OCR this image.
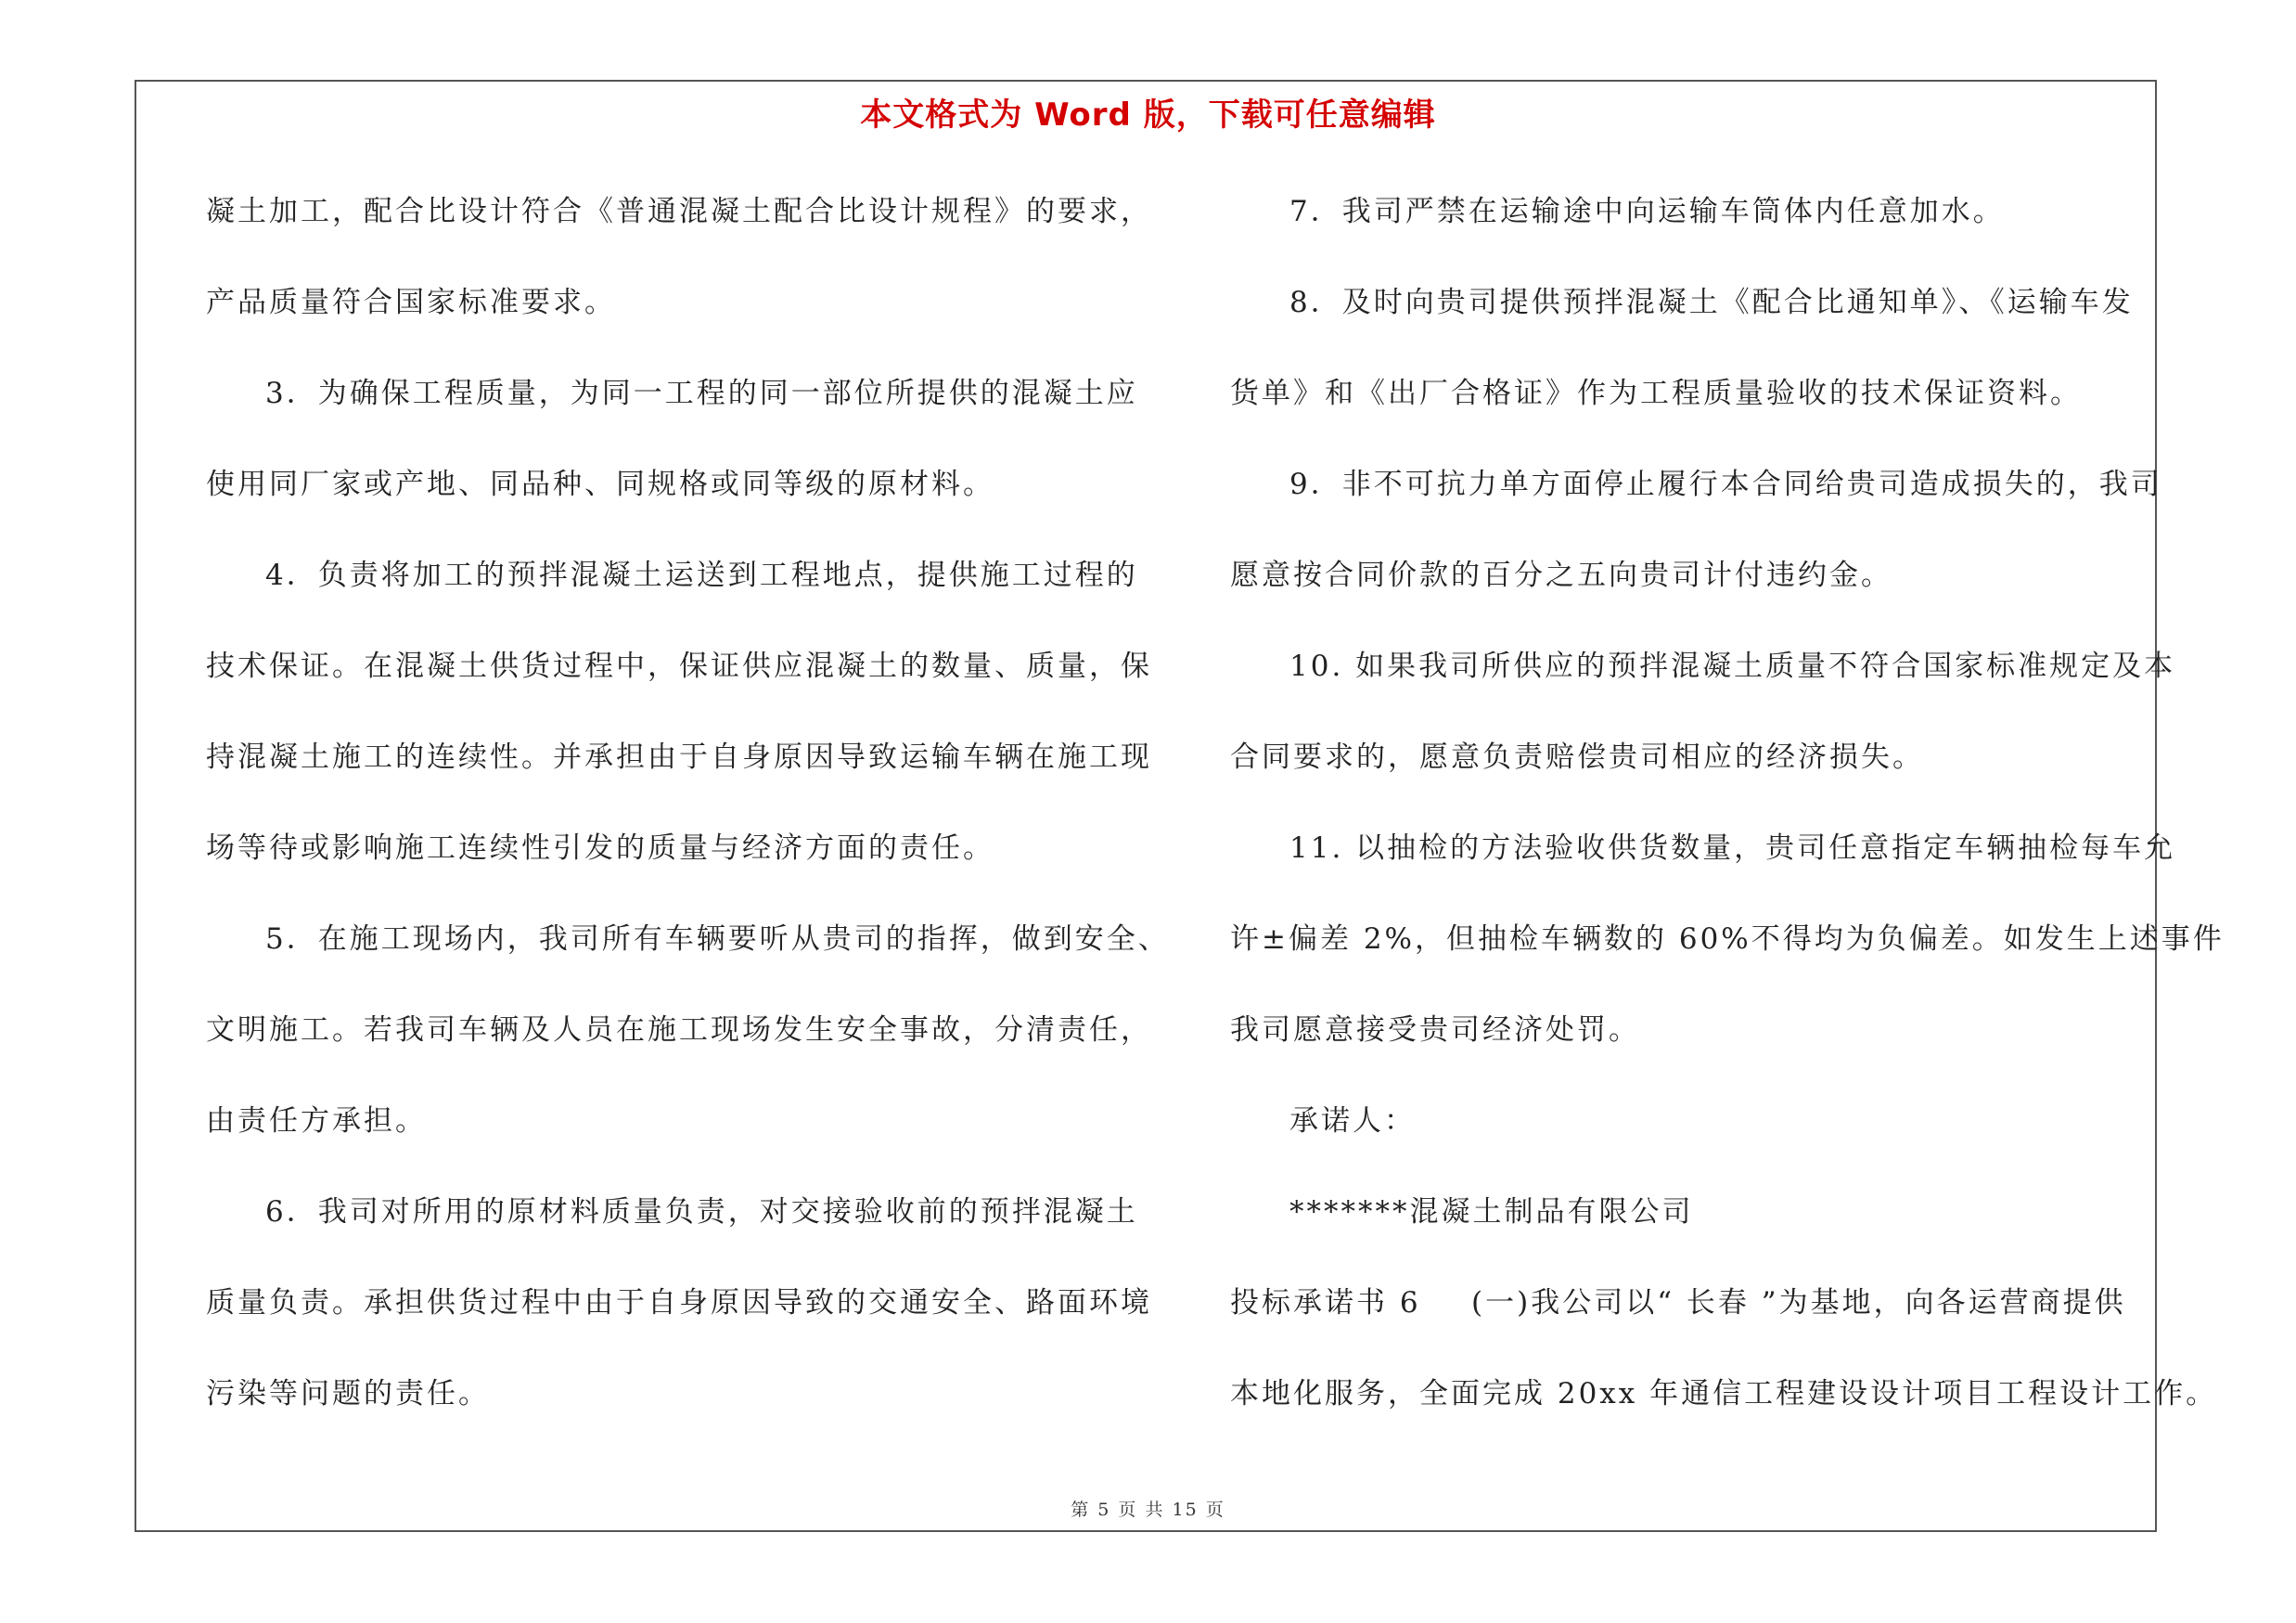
本文格式为 Word 版，下载可任意编辑
凝土加工，配合比设计符合《普通混凝土配合比设计规程》的要求，
产品质量符合国家标准要求。
3．为确保工程质量，为同一工程的同一部位所提供的混凝土应
使用同厂家或产地、同品种、同规格或同等级的原材料。
4．负责将加工的预拌混凝土运送到工程地点，提供施工过程的
技术保证。在混凝土供货过程中，保证供应混凝土的数量、质量，保
持混凝土施工的连续性。并承担由于自身原因导致运输车辆在施工现
场等待或影响施工连续性引发的质量与经济方面的责任。
5．在施工现场内，我司所有车辆要听从贵司的指挥，做到安全、
文明施工。若我司车辆及人员在施工现场发生安全事故，分清责任，
由责任方承担。
6．我司对所用的原材料质量负责，对交接验收前的预拌混凝土
质量负责。承担供货过程中由于自身原因导致的交通安全、路面环境
污染等问题的责任。
7．我司严禁在运输途中向运输车筒体内任意加水。
8．及时向贵司提供预拌混凝土《配合比通知单》、《运输车发
货单》和《出厂合格证》作为工程质量验收的技术保证资料。
9．非不可抗力单方面停止履行本合同给贵司造成损失的，我司
愿意按合同价款的百分之五向贵司计付违约金。
10. 如果我司所供应的预拌混凝土质量不符合国家标准规定及本
合同要求的，愿意负责赔偿贵司相应的经济损失。
11. 以抽检的方法验收供货数量，贵司任意指定车辆抽检每车允
许±偏差 2%，但抽检车辆数的 60%不得均为负偏差。如发生上述事件
我司愿意接受贵司经济处罚。
承诺人：
*******混凝土制品有限公司
投标承诺书 6 (一)我公司以“ 长春 ”为基地，向各运营商提供
本地化服务，全面完成 20xx 年通信工程建设设计项目工程设计工作。
第 5 页 共 15 页
